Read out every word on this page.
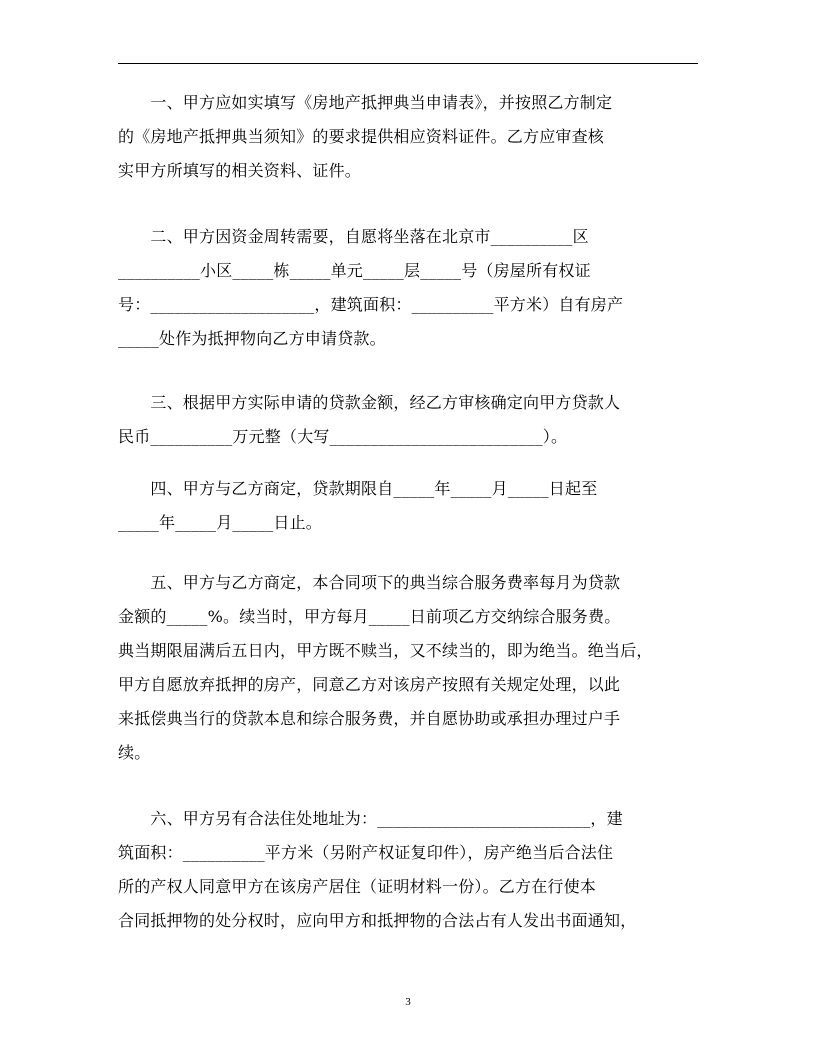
　　一、甲方应如实填写《房地产抵押典当申请表》，并按照乙方制定
的《房地产抵押典当须知》的要求提供相应资料证件。乙方应审查核
实甲方所填写的相关资料、证件。
　　二、甲方因资金周转需要，自愿将坐落在北京市__________区
__________小区_____栋_____单元_____层_____号（房屋所有权证
号：____________________，建筑面积：__________平方米）自有房产
_____处作为抵押物向乙方申请贷款。
　　三、根据甲方实际申请的贷款金额，经乙方审核确定向甲方贷款人
民币__________万元整（大写__________________________）。
　　四、甲方与乙方商定，贷款期限自_____年_____月_____日起至
_____年_____月_____日止。
　　五、甲方与乙方商定，本合同项下的典当综合服务费率每月为贷款
金额的_____%。续当时，甲方每月_____日前项乙方交纳综合服务费。
典当期限届满后五日内，甲方既不赎当，又不续当的，即为绝当。绝当后，
甲方自愿放弃抵押的房产，同意乙方对该房产按照有关规定处理，以此
来抵偿典当行的贷款本息和综合服务费，并自愿协助或承担办理过户手
续。
　　六、甲方另有合法住处地址为：__________________________，建
筑面积：__________平方米（另附产权证复印件），房产绝当后合法住
所的产权人同意甲方在该房产居住（证明材料一份）。乙方在行使本
合同抵押物的处分权时，应向甲方和抵押物的合法占有人发出书面通知，
3
